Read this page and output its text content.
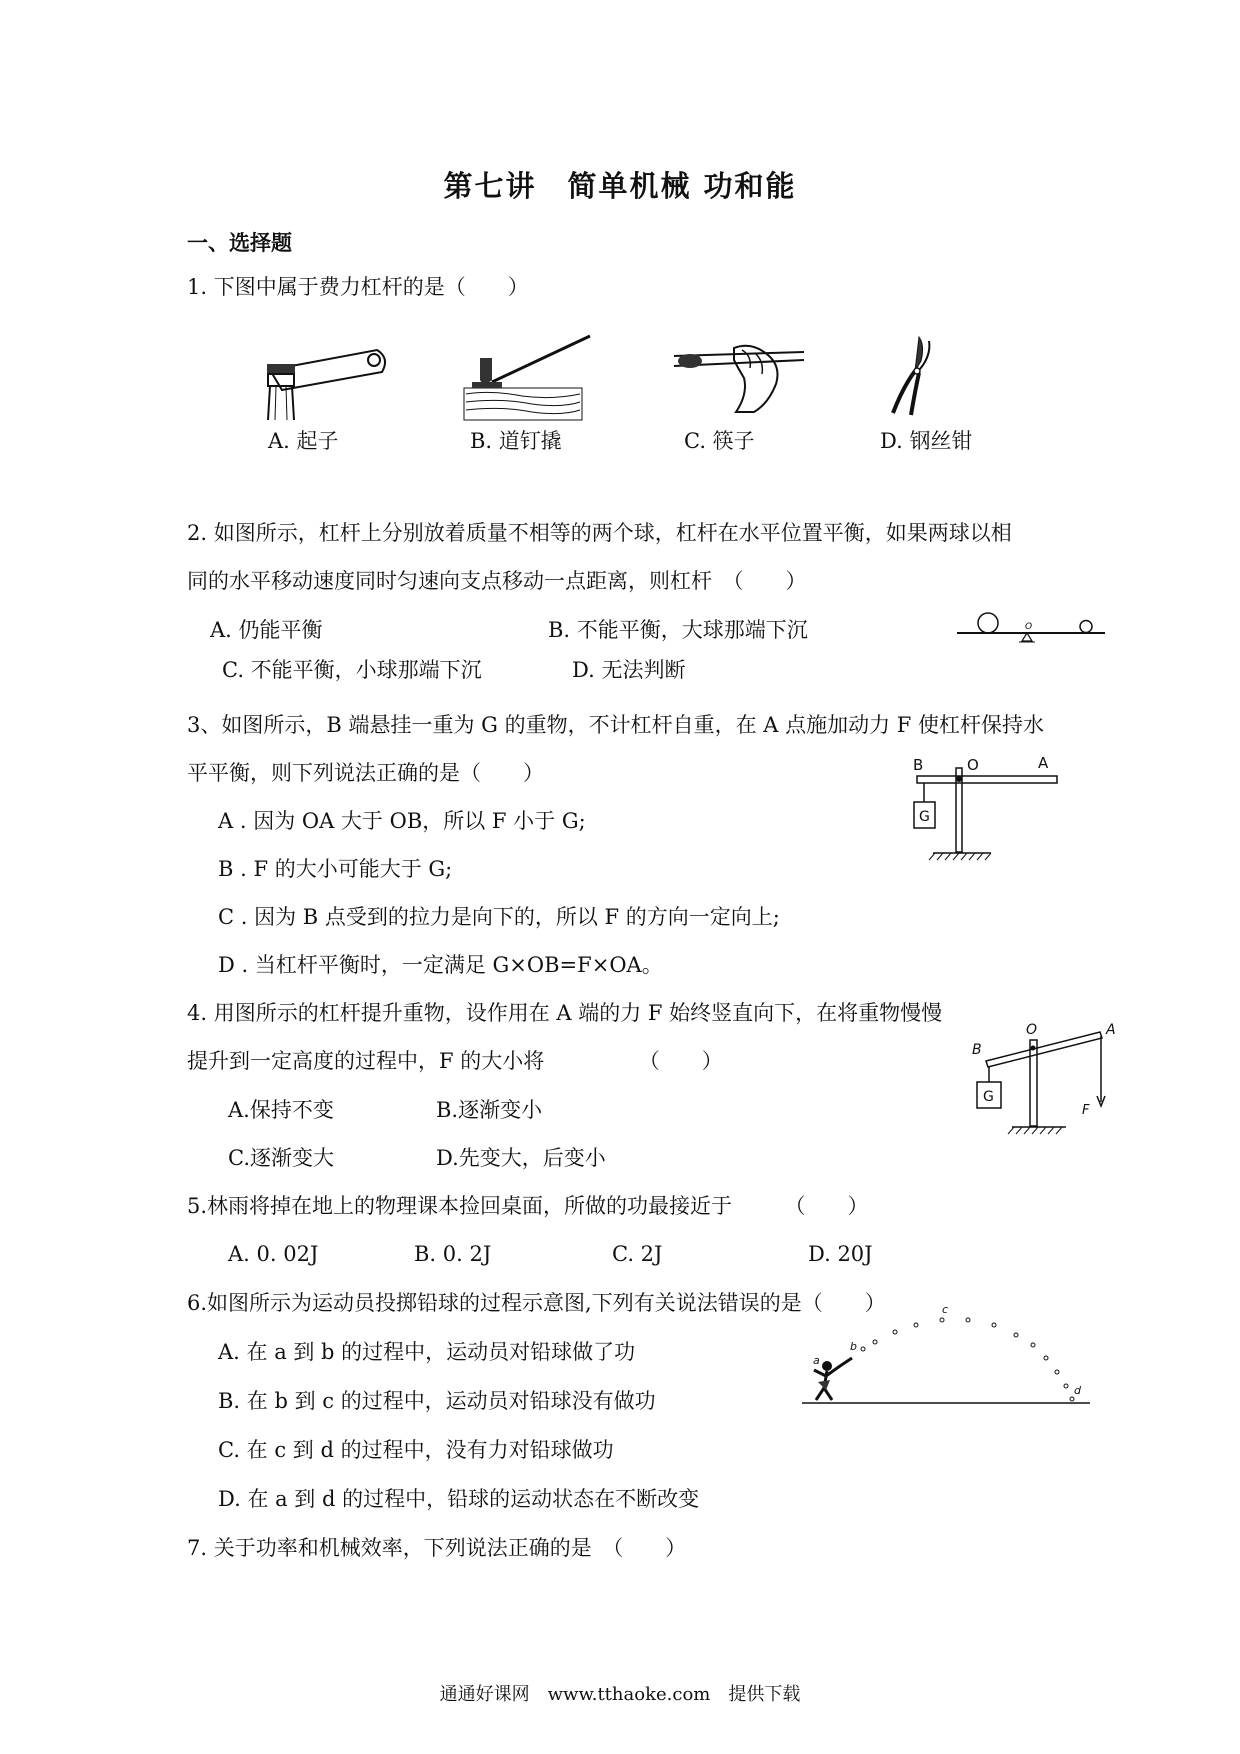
第七讲　简单机械 功和能
一、选择题
1. 下图中属于费力杠杆的是（　　）
A. 起子	B. 道钉撬	C. 筷子	D. 钢丝钳
2. 如图所示，杠杆上分别放着质量不相等的两个球，杠杆在水平位置平衡，如果两球以相
同的水平移动速度同时匀速向支点移动一点距离，则杠杆　（　　）
A. 仍能平衡	B. 不能平衡，大球那端下沉
C. 不能平衡，小球那端下沉	D. 无法判断
O
3、如图所示，B 端悬挂一重为 G 的重物，不计杠杆自重，在 A 点施加动力 F 使杠杆保持水
平平衡，则下列说法正确的是（　　）
A . 因为 OA 大于 OB，所以 F 小于 G;
B . F 的大小可能大于 G;
C . 因为 B 点受到的拉力是向下的，所以 F 的方向一定向上;
D . 当杠杆平衡时，一定满足 G×OB=F×OA。
B	O	A
G
4. 用图所示的杠杆提升重物，设作用在 A 端的力 F 始终竖直向下，在将重物慢慢
提升到一定高度的过程中，F 的大小将　　　　　（　　）
A.保持不变	B.逐渐变小
C.逐渐变大	D.先变大，后变小
B
O	A
F
G
5.林雨将掉在地上的物理课本捡回桌面，所做的功最接近于　　　（　　）
A. 0. 02J	B. 0. 2J	C. 2J	D. 20J
6.如图所示为运动员投掷铅球的过程示意图,下列有关说法错误的是（　　）
A. 在 a 到 b 的过程中，运动员对铅球做了功
B. 在 b 到 c 的过程中，运动员对铅球没有做功
C. 在 c 到 d 的过程中，没有力对铅球做功
D. 在 a 到 d 的过程中，铅球的运动状态在不断改变
a
b
c
d
7. 关于功率和机械效率，下列说法正确的是　（　　）
通通好课网　www.tthaoke.com　提供下载
